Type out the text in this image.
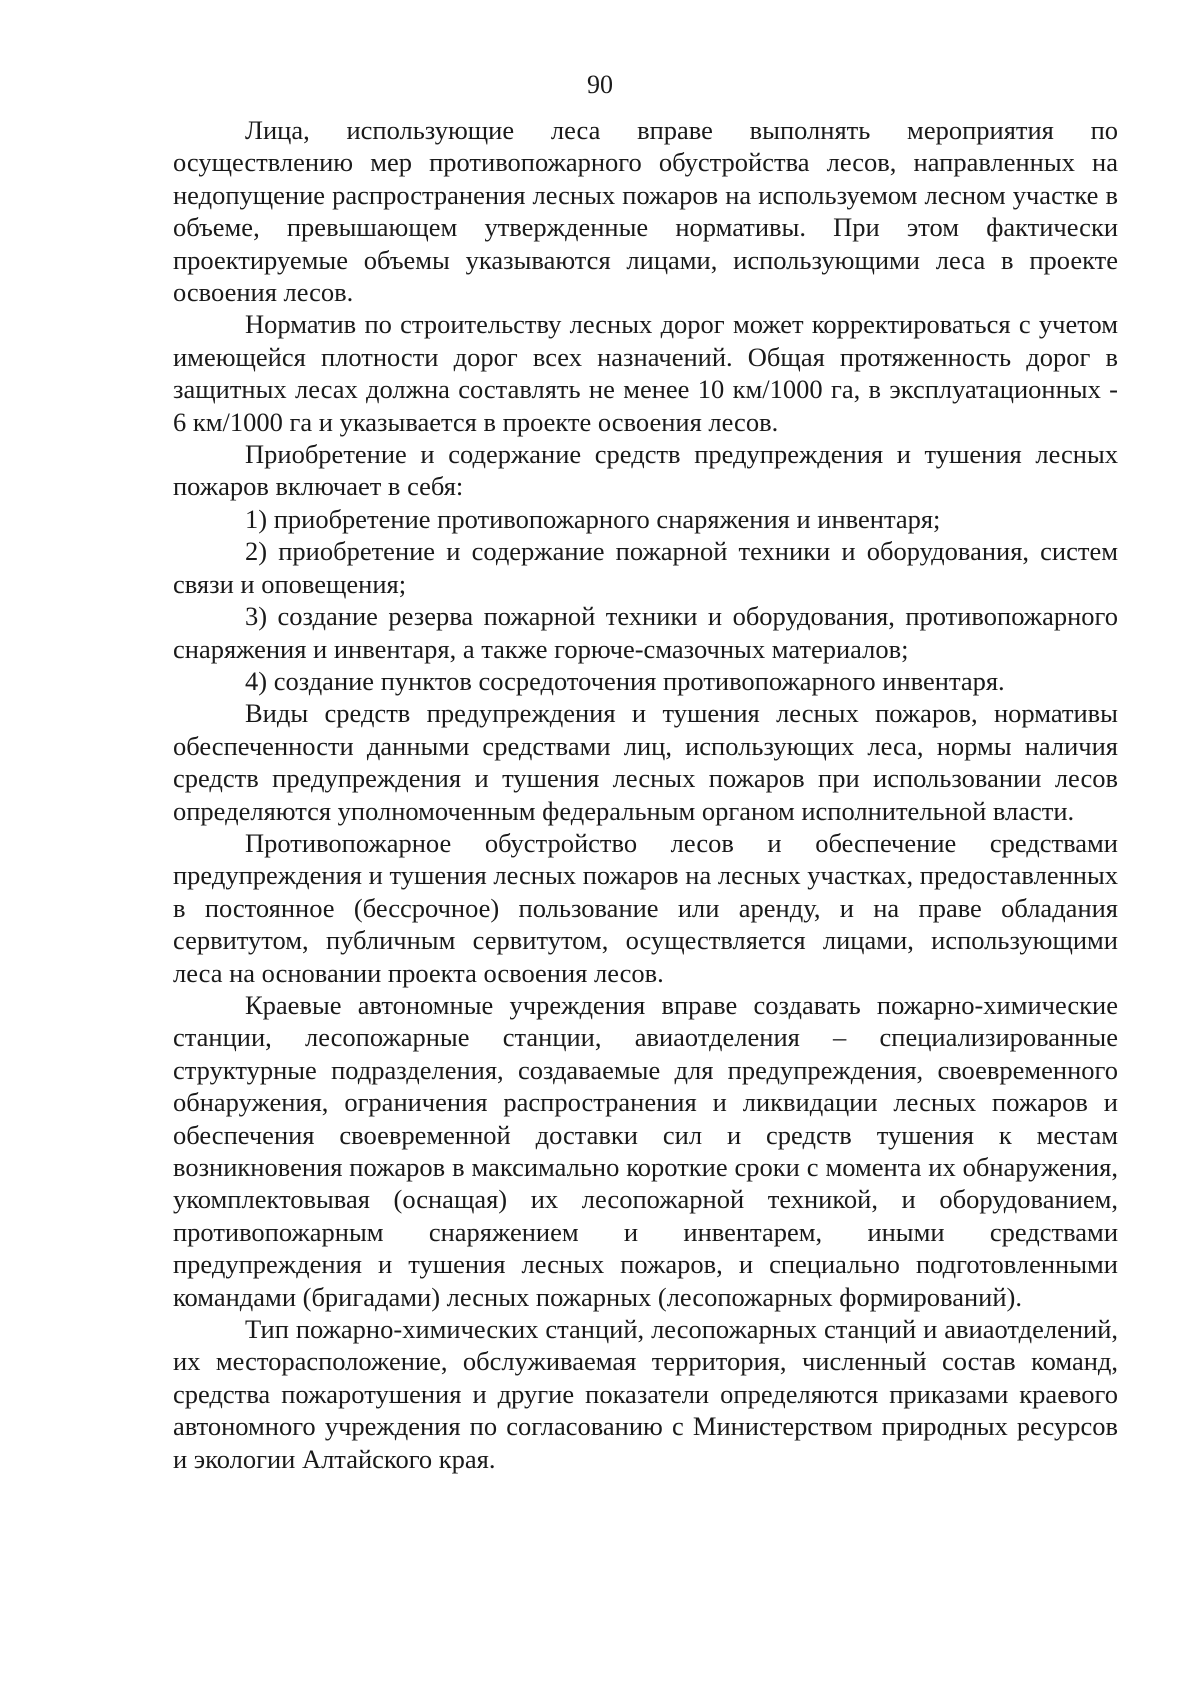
90

Лица, использующие леса вправе выполнять мероприятия по осуществлению мер противопожарного обустройства лесов, направленных на недопущение распространения лесных пожаров на используемом лесном участке в объеме, превышающем утвержденные нормативы. При этом фактически проектируемые объемы указываются лицами, использующими леса в проекте освоения лесов.

Норматив по строительству лесных дорог может корректироваться с учетом имеющейся плотности дорог всех назначений. Общая протяженность дорог в защитных лесах должна составлять не менее 10 км/1000 га, в эксплуатационных - 6 км/1000 га и указывается в проекте освоения лесов.

Приобретение и содержание средств предупреждения и тушения лесных пожаров включает в себя:

1) приобретение противопожарного снаряжения и инвентаря;

2) приобретение и содержание пожарной техники и оборудования, систем связи и оповещения;

3) создание резерва пожарной техники и оборудования, противопожарного снаряжения и инвентаря, а также горюче-смазочных материалов;

4) создание пунктов сосредоточения противопожарного инвентаря.

Виды средств предупреждения и тушения лесных пожаров, нормативы обеспеченности данными средствами лиц, использующих леса, нормы наличия средств предупреждения и тушения лесных пожаров при использовании лесов определяются уполномоченным федеральным органом исполнительной власти.

Противопожарное обустройство лесов и обеспечение средствами предупреждения и тушения лесных пожаров на лесных участках, предоставленных в постоянное (бессрочное) пользование или аренду, и на праве обладания сервитутом, публичным сервитутом, осуществляется лицами, использующими леса на основании проекта освоения лесов.

Краевые автономные учреждения вправе создавать пожарно-химические станции, лесопожарные станции, авиаотделения – специализированные структурные подразделения, создаваемые для предупреждения, своевременного обнаружения, ограничения распространения и ликвидации лесных пожаров и обеспечения своевременной доставки сил и средств тушения к местам возникновения пожаров в максимально короткие сроки с момента их обнаружения, укомплектовывая (оснащая) их лесопожарной техникой, и оборудованием, противопожарным снаряжением и инвентарем, иными средствами предупреждения и тушения лесных пожаров, и специально подготовленными командами (бригадами) лесных пожарных (лесопожарных формирований).

Тип пожарно-химических станций, лесопожарных станций и авиаотделений, их месторасположение, обслуживаемая территория, численный состав команд, средства пожаротушения и другие показатели определяются приказами краевого автономного учреждения по согласованию с Министерством природных ресурсов и экологии Алтайского края.
